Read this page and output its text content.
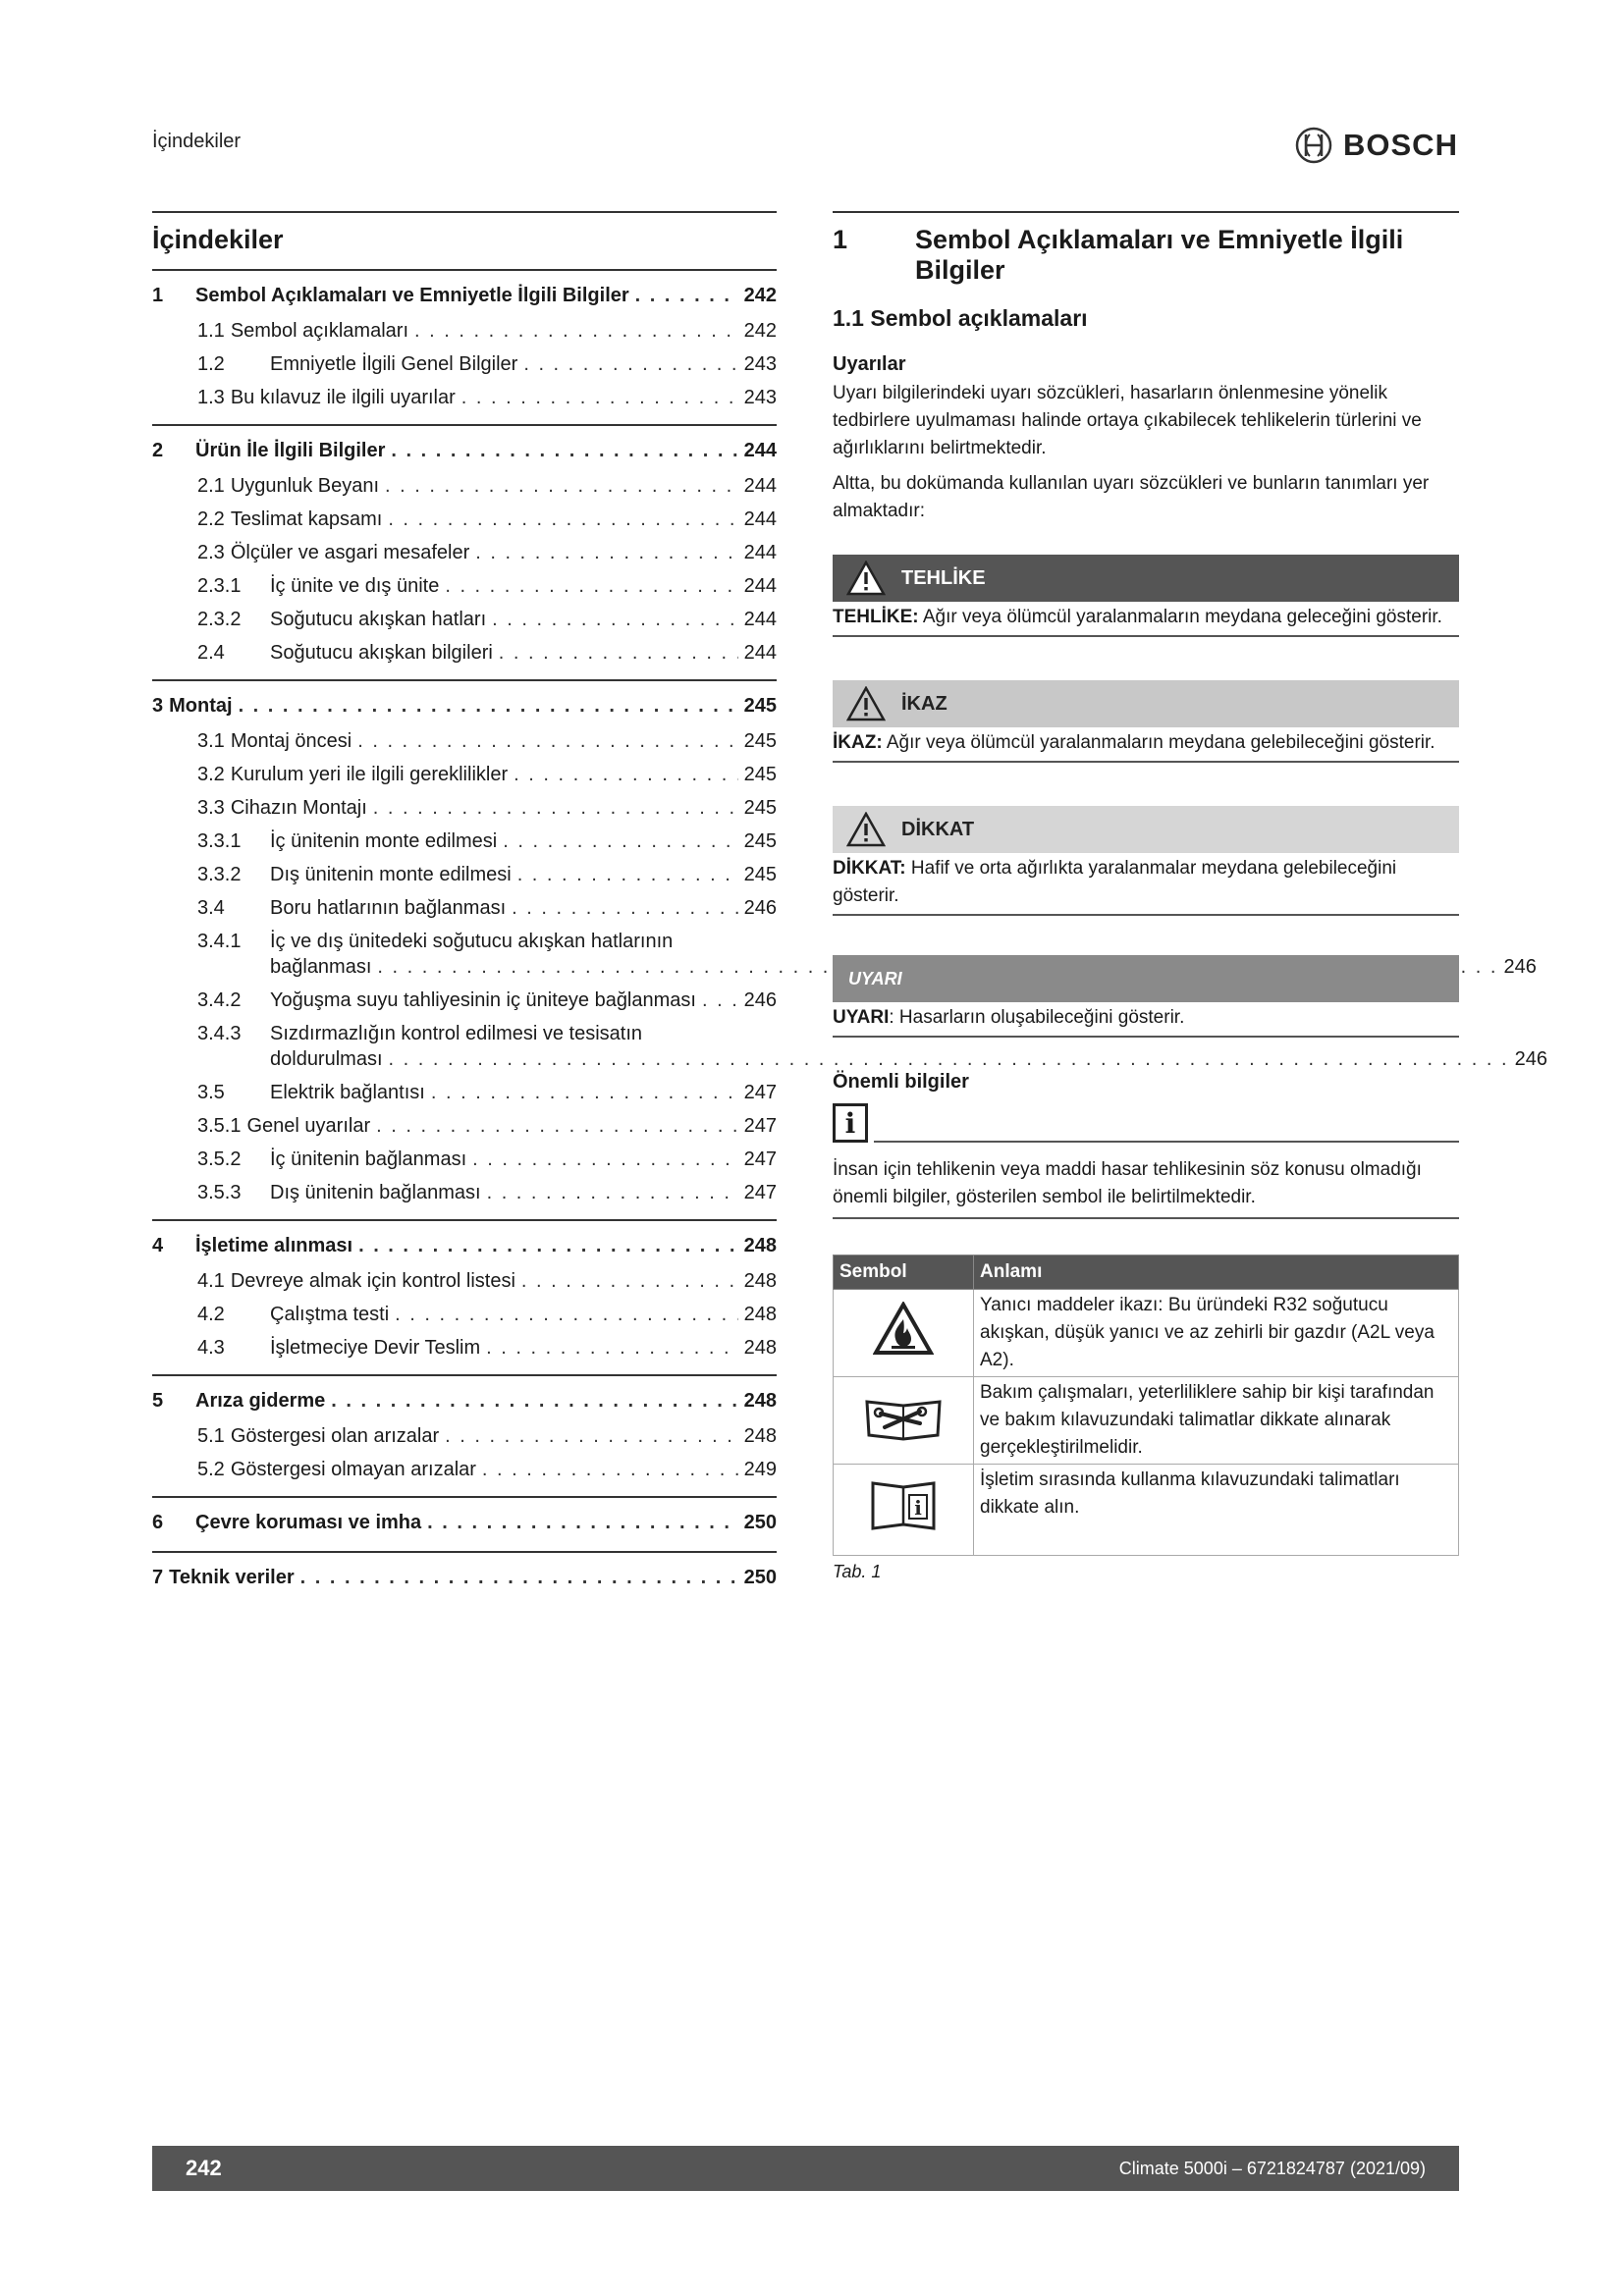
İçindekiler	BOSCH
İçindekiler
1	Sembol Açıklamaları ve Emniyetle İlgili Bilgiler . . .	242
1.1 Sembol açıklamaları . . .	242
1.2	Emniyetle İlgili Genel Bilgiler . . .	243
1.3 Bu kılavuz ile ilgili uyarılar . . .	243
2	Ürün İle İlgili Bilgiler . . .	244
2.1 Uygunluk Beyanı . . .	244
2.2 Teslimat kapsamı . . .	244
2.3 Ölçüler ve asgari mesafeler . . .	244
2.3.1	İç ünite ve dış ünite . . .	244
2.3.2	Soğutucu akışkan hatları . . .	244
2.4	Soğutucu akışkan bilgileri . . .	244
3 Montaj . . .	245
3.1 Montaj öncesi . . .	245
3.2 Kurulum yeri ile ilgili gereklilikler . . .	245
3.3 Cihazın Montajı . . .	245
3.3.1	İç ünitenin monte edilmesi . . .	245
3.3.2	Dış ünitenin monte edilmesi . . .	245
3.4	Boru hatlarının bağlanması . . .	246
3.4.1	İç ve dış ünitedeki soğutucu akışkan hatlarının
bağlanması . . .	246
3.4.2	Yoğuşma suyu tahliyesinin iç üniteye bağlanması . . . 246
3.4.3	Sızdırmazlığın kontrol edilmesi ve tesisatın
doldurulması . . .	246
3.5	Elektrik bağlantısı . . .	247
3.5.1 Genel uyarılar . . .	247
3.5.2	İç ünitenin bağlanması . . .	247
3.5.3	Dış ünitenin bağlanması . . .	247
4	İşletime alınması . . .	248
4.1 Devreye almak için kontrol listesi . . .	248
4.2	Çalıştma testi . . .	248
4.3	İşletmeciye Devir Teslim . . .	248
5	Arıza giderme . . .	248
5.1 Göstergesi olan arızalar . . .	248
5.2 Göstergesi olmayan arızalar . . .	249
6	Çevre koruması ve imha . . .	250
7 Teknik veriler . . .	250
1	Sembol Açıklamaları ve Emniyetle İlgili Bilgiler
1.1 Sembol açıklamaları
Uyarılar

Uyarı bilgilerindeki uyarı sözcükleri, hasarların önlenmesine yönelik tedbirlere uyulmaması halinde ortaya çıkabilecek tehlikelerin türlerini ve ağırlıklarını belirtmektedir.

Altta, bu dokümanda kullanılan uyarı sözcükleri ve bunların tanımları yer almaktadır:

TEHLİKE
TEHLİKE: Ağır veya ölümcül yaralanmaların meydana geleceğini gösterir.
İKAZ
İKAZ: Ağır veya ölümcül yaralanmaların meydana gelebileceğini gösterir.
DİKKAT
DİKKAT: Hafif ve orta ağırlıkta yaralanmalar meydana gelebileceğini gösterir.
UYARI
UYARI: Hasarların oluşabileceğini gösterir.
Önemli bilgiler
i
İnsan için tehlikenin veya maddi hasar tehlikesinin söz konusu olmadığı önemli bilgiler, gösterilen sembol ile belirtilmektedir.
Sembol	Anlamı
	Yanıcı maddeler ikazı: Bu üründeki R32 soğutucu akışkan, düşük yanıcı ve az zehirli bir gazdır (A2L veya A2).
	Bakım çalışmaları, yeterliliklere sahip bir kişi tarafından ve bakım kılavuzundaki talimatlar dikkate alınarak gerçekleştirilmelidir.

i	İşletim sırasında kullanma kılavuzundaki talimatları dikkate alın.
Tab. 1
242	Climate 5000i – 6721824787 (2021/09)
